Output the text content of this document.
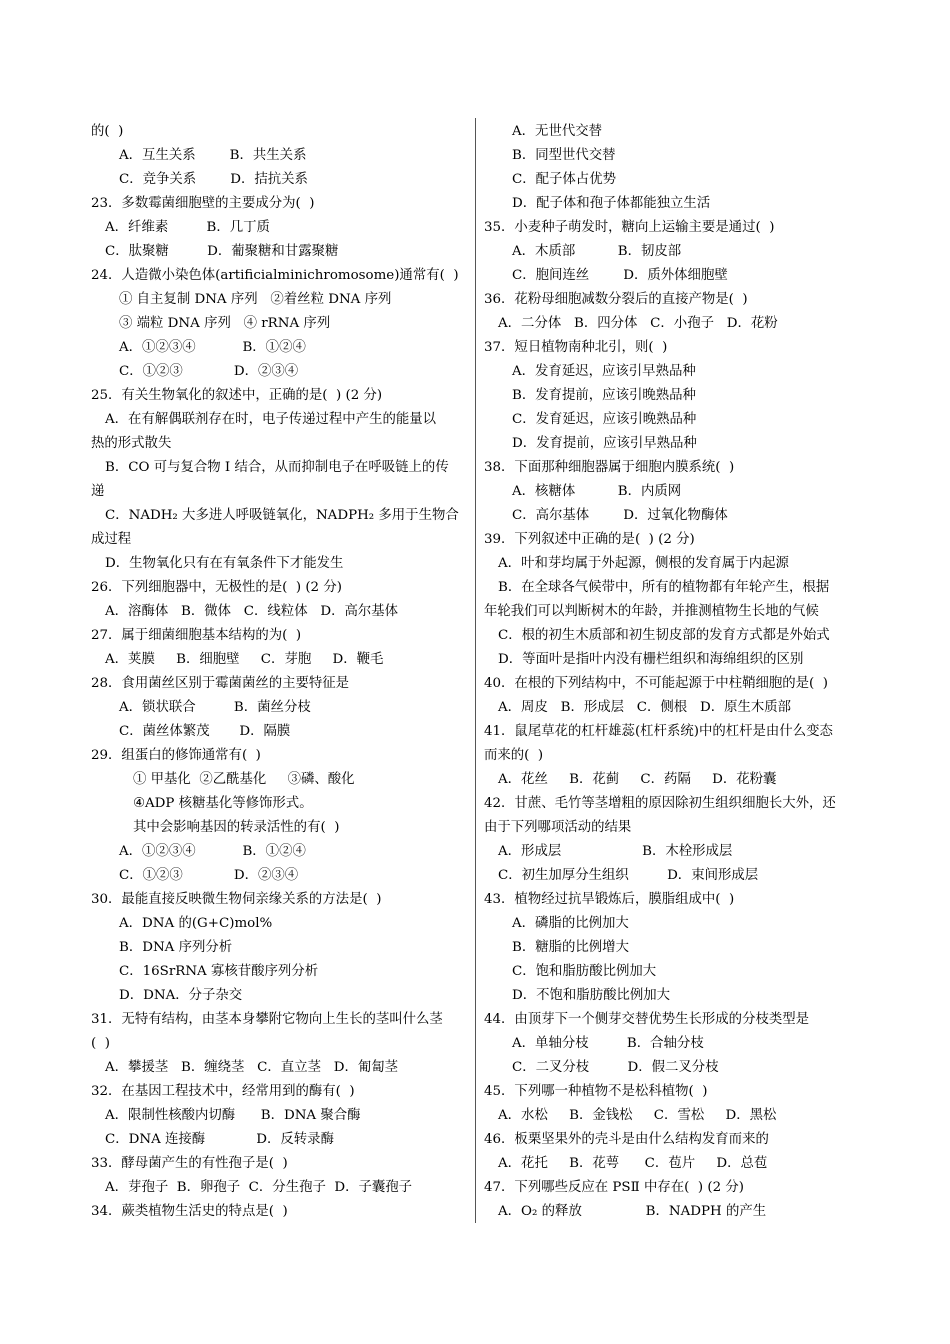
的(  )
A．互生关系        B．共生关系
C．竞争关系        D．拮抗关系
23．多数霉菌细胞壁的主要成分为(  )
A．纤维素         B．几丁质
C．肽聚糖         D．葡聚糖和甘露聚糖
24．人造微小染色体(artificialminichromosome)通常有(  )
① 自主复制 DNA 序列   ②着丝粒 DNA 序列
③ 端粒 DNA 序列   ④ rRNA 序列
A．①②③④           B．①②④
C．①②③            D．②③④
25．有关生物氧化的叙述中，正确的是(  ) (2 分)
A．在有解偶联剂存在时，电子传递过程中产生的能量以
热的形式散失
B．CO 可与复合物 I 结合，从而抑制电子在呼吸链上的传
递
C．NADH₂ 大多进人呼吸链氧化，NADPH₂ 多用于生物合
成过程
D．生物氧化只有在有氧条件下才能发生
26．下列细胞器中，无极性的是(  ) (2 分)
A．溶酶体   B．微体   C．线粒体   D．高尔基体
27．属于细菌细胞基本结构的为(  )
A．荚膜     B．细胞壁     C．芽胞     D．鞭毛
28．食用菌丝区别于霉菌菌丝的主要特征是
A．锁状联合         B．菌丝分枝
C．菌丝体繁茂       D．隔膜
29．组蛋白的修饰通常有(  )
① 甲基化  ②乙酰基化     ③磷、酸化
④ADP 核糖基化等修饰形式。
其中会影响基因的转录活性的有(  )
A．①②③④           B．①②④
C．①②③            D．②③④
30．最能直接反映微生物伺亲缘关系的方法是(  )
A．DNA 的(G+C)mol%
B．DNA 序列分析
C．16SrRNA 寡核苷酸序列分析
D．DNA．分子杂交
31．无特有结构，由茎本身攀附它物向上生长的茎叫什么茎
(  )
A．攀援茎   B．缠绕茎   C．直立茎   D．匍匐茎
32．在基因工程技术中，经常用到的酶有(  )
A．限制性核酸内切酶      B．DNA 聚合酶
C．DNA 连接酶            D．反转录酶
33．酵母菌产生的有性孢子是(  )
A．芽孢子  B．卵孢子  C．分生孢子  D．子囊孢子
34．蕨类植物生活史的特点是(  )
A．无世代交替
B．同型世代交替
C．配子体占优势
D．配子体和孢子体都能独立生活
35．小麦种子萌发时，糖向上运输主要是通过(  )
A．木质部          B．韧皮部
C．胞间连丝        D．质外体细胞壁
36．花粉母细胞减数分裂后的直接产物是(  )
A．二分体   B．四分体   C．小孢子   D．花粉
37．短日植物南种北引，则(  )
A．发育延迟，应该引早熟品种
B．发育提前，应该引晚熟品种
C．发育延迟，应该引晚熟品种
D．发育提前，应该引早熟品种
38．下面那种细胞器属于细胞内膜系统(  )
A．核糖体          B．内质网
C．高尔基体        D．过氧化物酶体
39．下列叙述中正确的是(  ) (2 分)
A．叶和芽均属于外起源，侧根的发育属于内起源
B．在全球各气候带中，所有的植物都有年轮产生，根据
年轮我们可以判断树木的年龄，并推测植物生长地的气候
C．根的初生木质部和初生韧皮部的发育方式都是外始式
D．等面叶是指叶内没有栅栏组织和海绵组织的区别
40．在根的下列结构中，不可能起源于中柱鞘细胞的是(  )
A．周皮   B．形成层   C．侧根   D．原生木质部
41．鼠尾草花的杠杆雄蕊(杠杆系统)中的杠杆是由什么变态
而来的(  )
A．花丝     B．花蓟     C．药隔     D．花粉囊
42．甘蔗、毛竹等茎增粗的原因除初生组织细胞长大外，还
由于下列哪项活动的结果
A．形成层                   B．木栓形成层
C．初生加厚分生组织         D．束间形成层
43．植物经过抗旱锻炼后，膜脂组成中(  )
A．磷脂的比例加大
B．糖脂的比例增大
C．饱和脂肪酸比例加大
D．不饱和脂肪酸比例加大
44．由顶芽下一个侧芽交替优势生长形成的分枝类型是
A．单轴分枝         B．合轴分枝
C．二叉分枝         D．假二叉分枝
45．下列哪一种植物不是松科植物(  )
A．水松     B．金钱松     C．雪松     D．黑松
46．板栗坚果外的壳斗是由什么结构发育而来的
A．花托     B．花萼      C．苞片     D．总苞
47．下列哪些反应在 PSⅡ 中存在(  ) (2 分)
A．O₂ 的释放               B．NADPH 的产生
